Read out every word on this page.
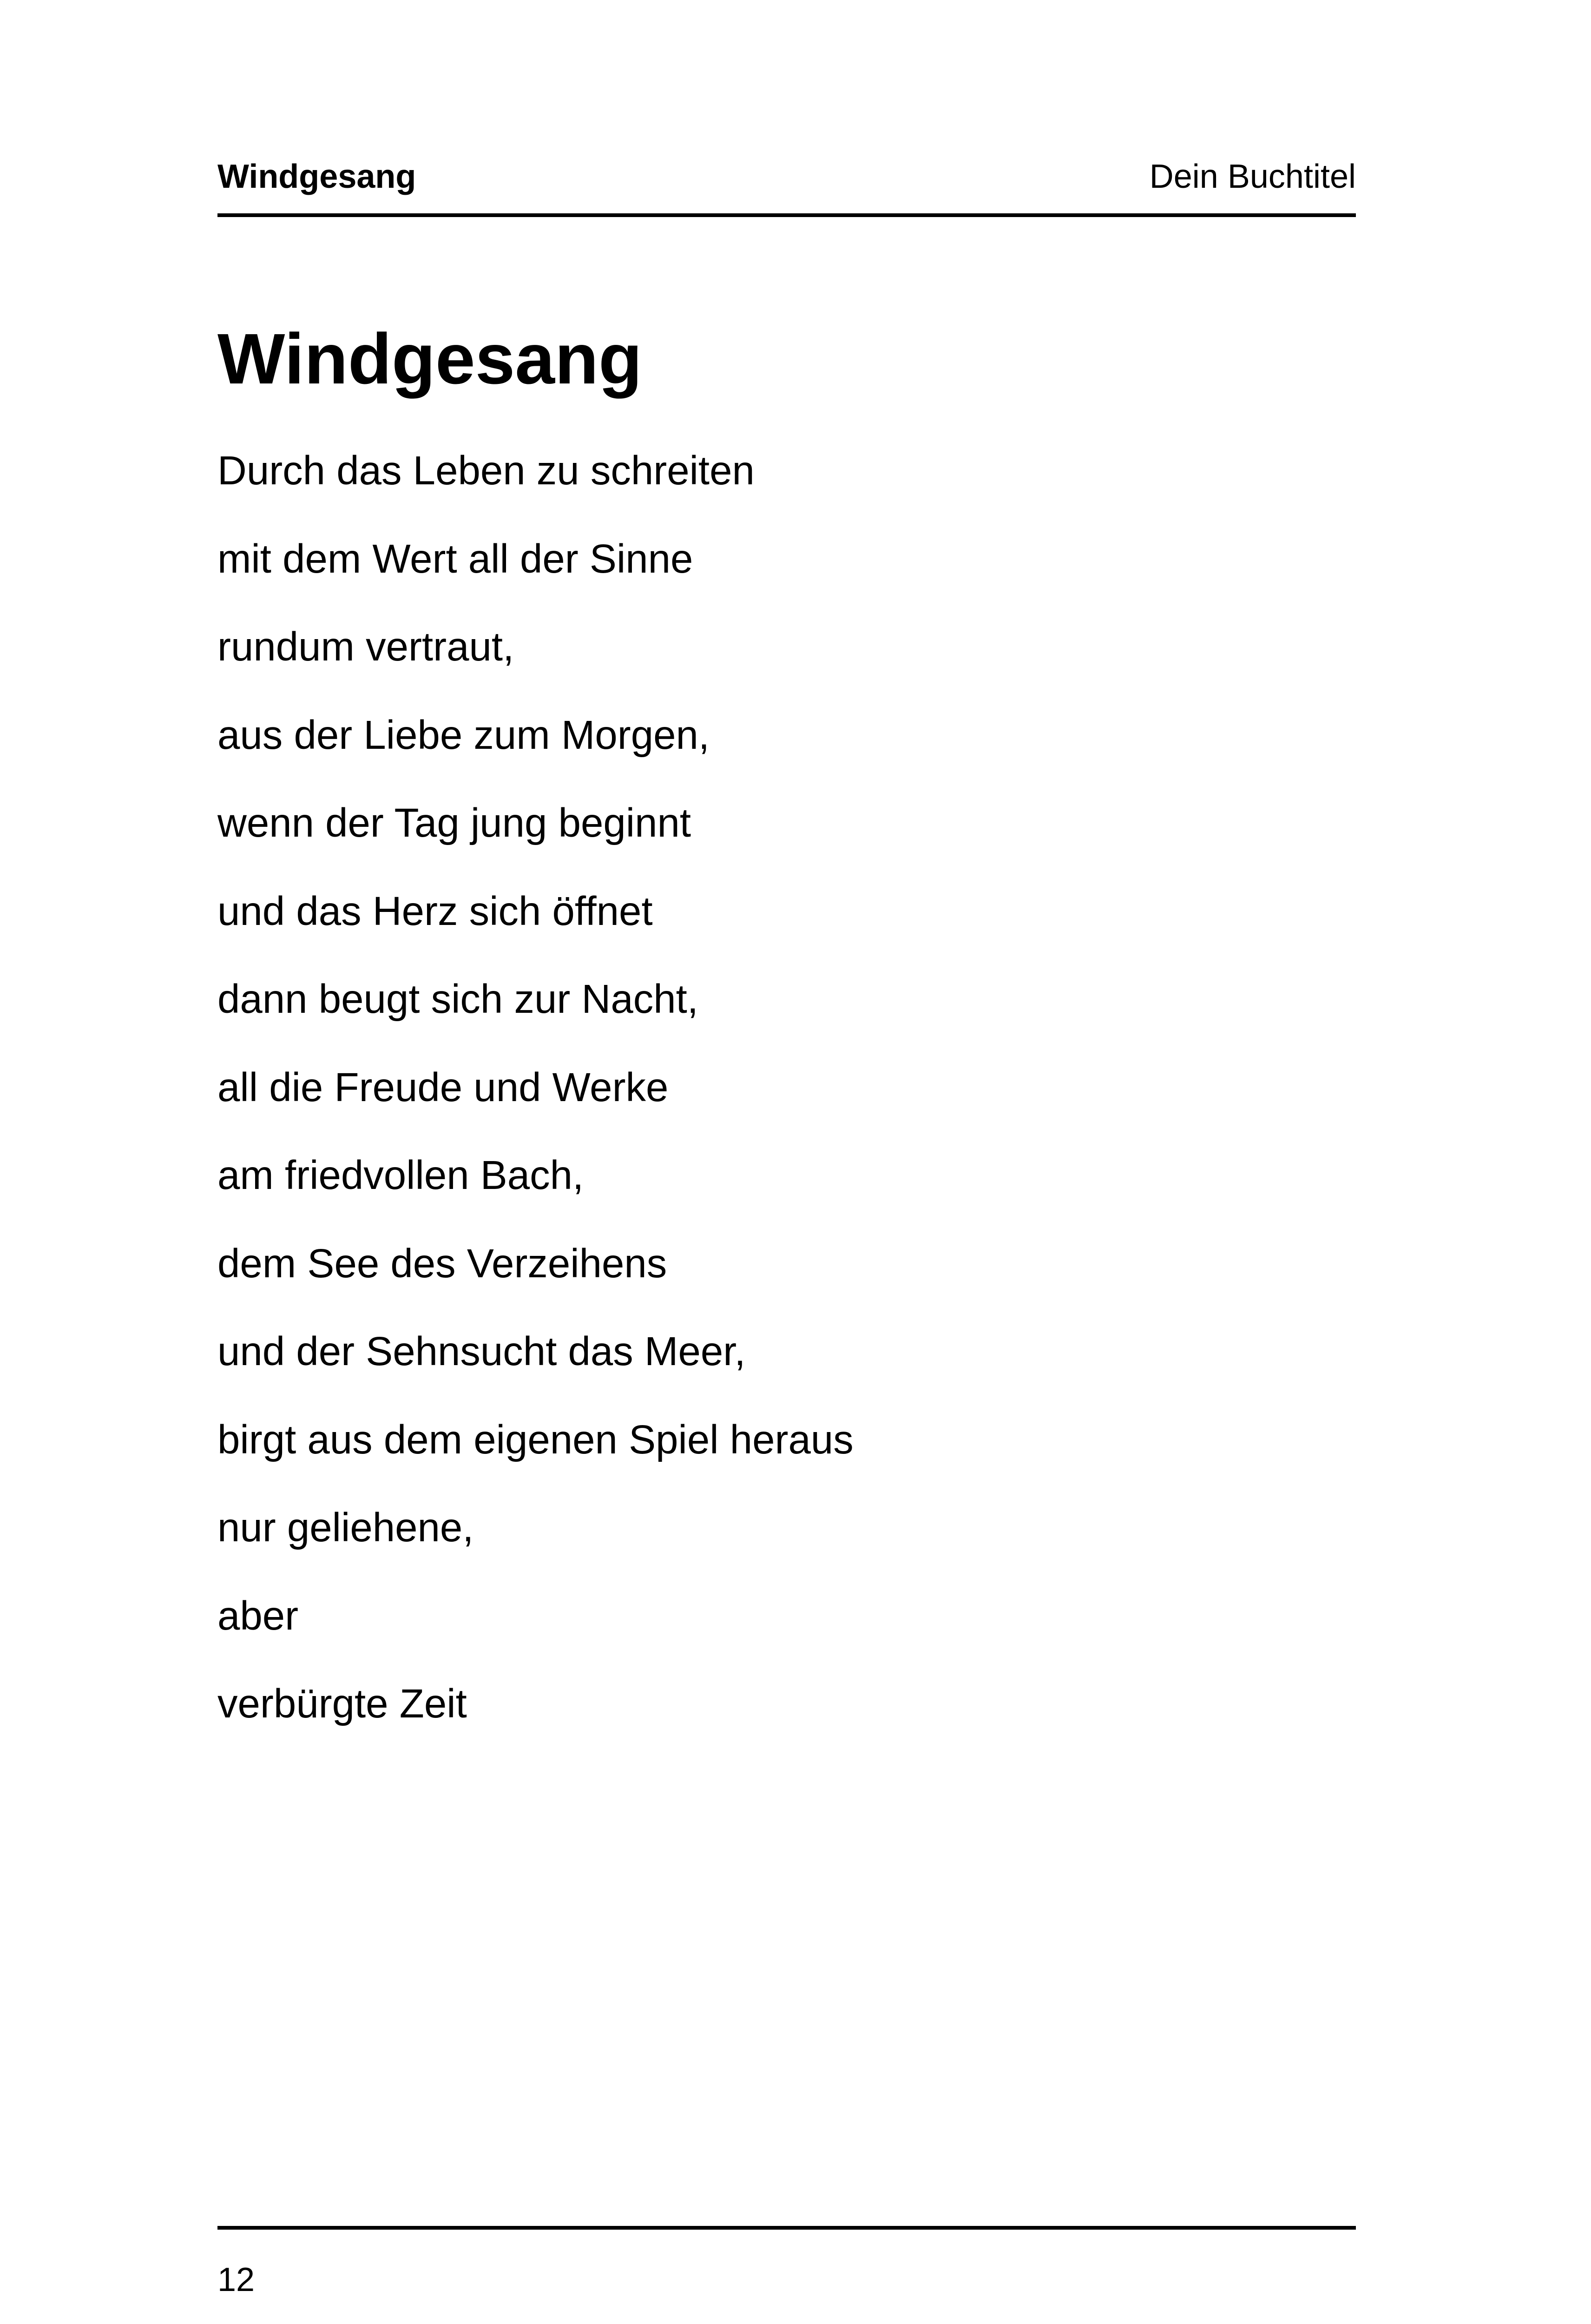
Windgesang	Dein Buchtitel
Windgesang
Durch das Leben zu schreiten
mit dem Wert all der Sinne
rundum vertraut,
aus der Liebe zum Morgen,
wenn der Tag jung beginnt
und das Herz sich öffnet
dann beugt sich zur Nacht,
all die Freude und Werke
am friedvollen Bach,
dem See des Verzeihens
und der Sehnsucht das Meer,
birgt aus dem eigenen Spiel heraus
nur geliehene,
aber
verbürgte Zeit
12
